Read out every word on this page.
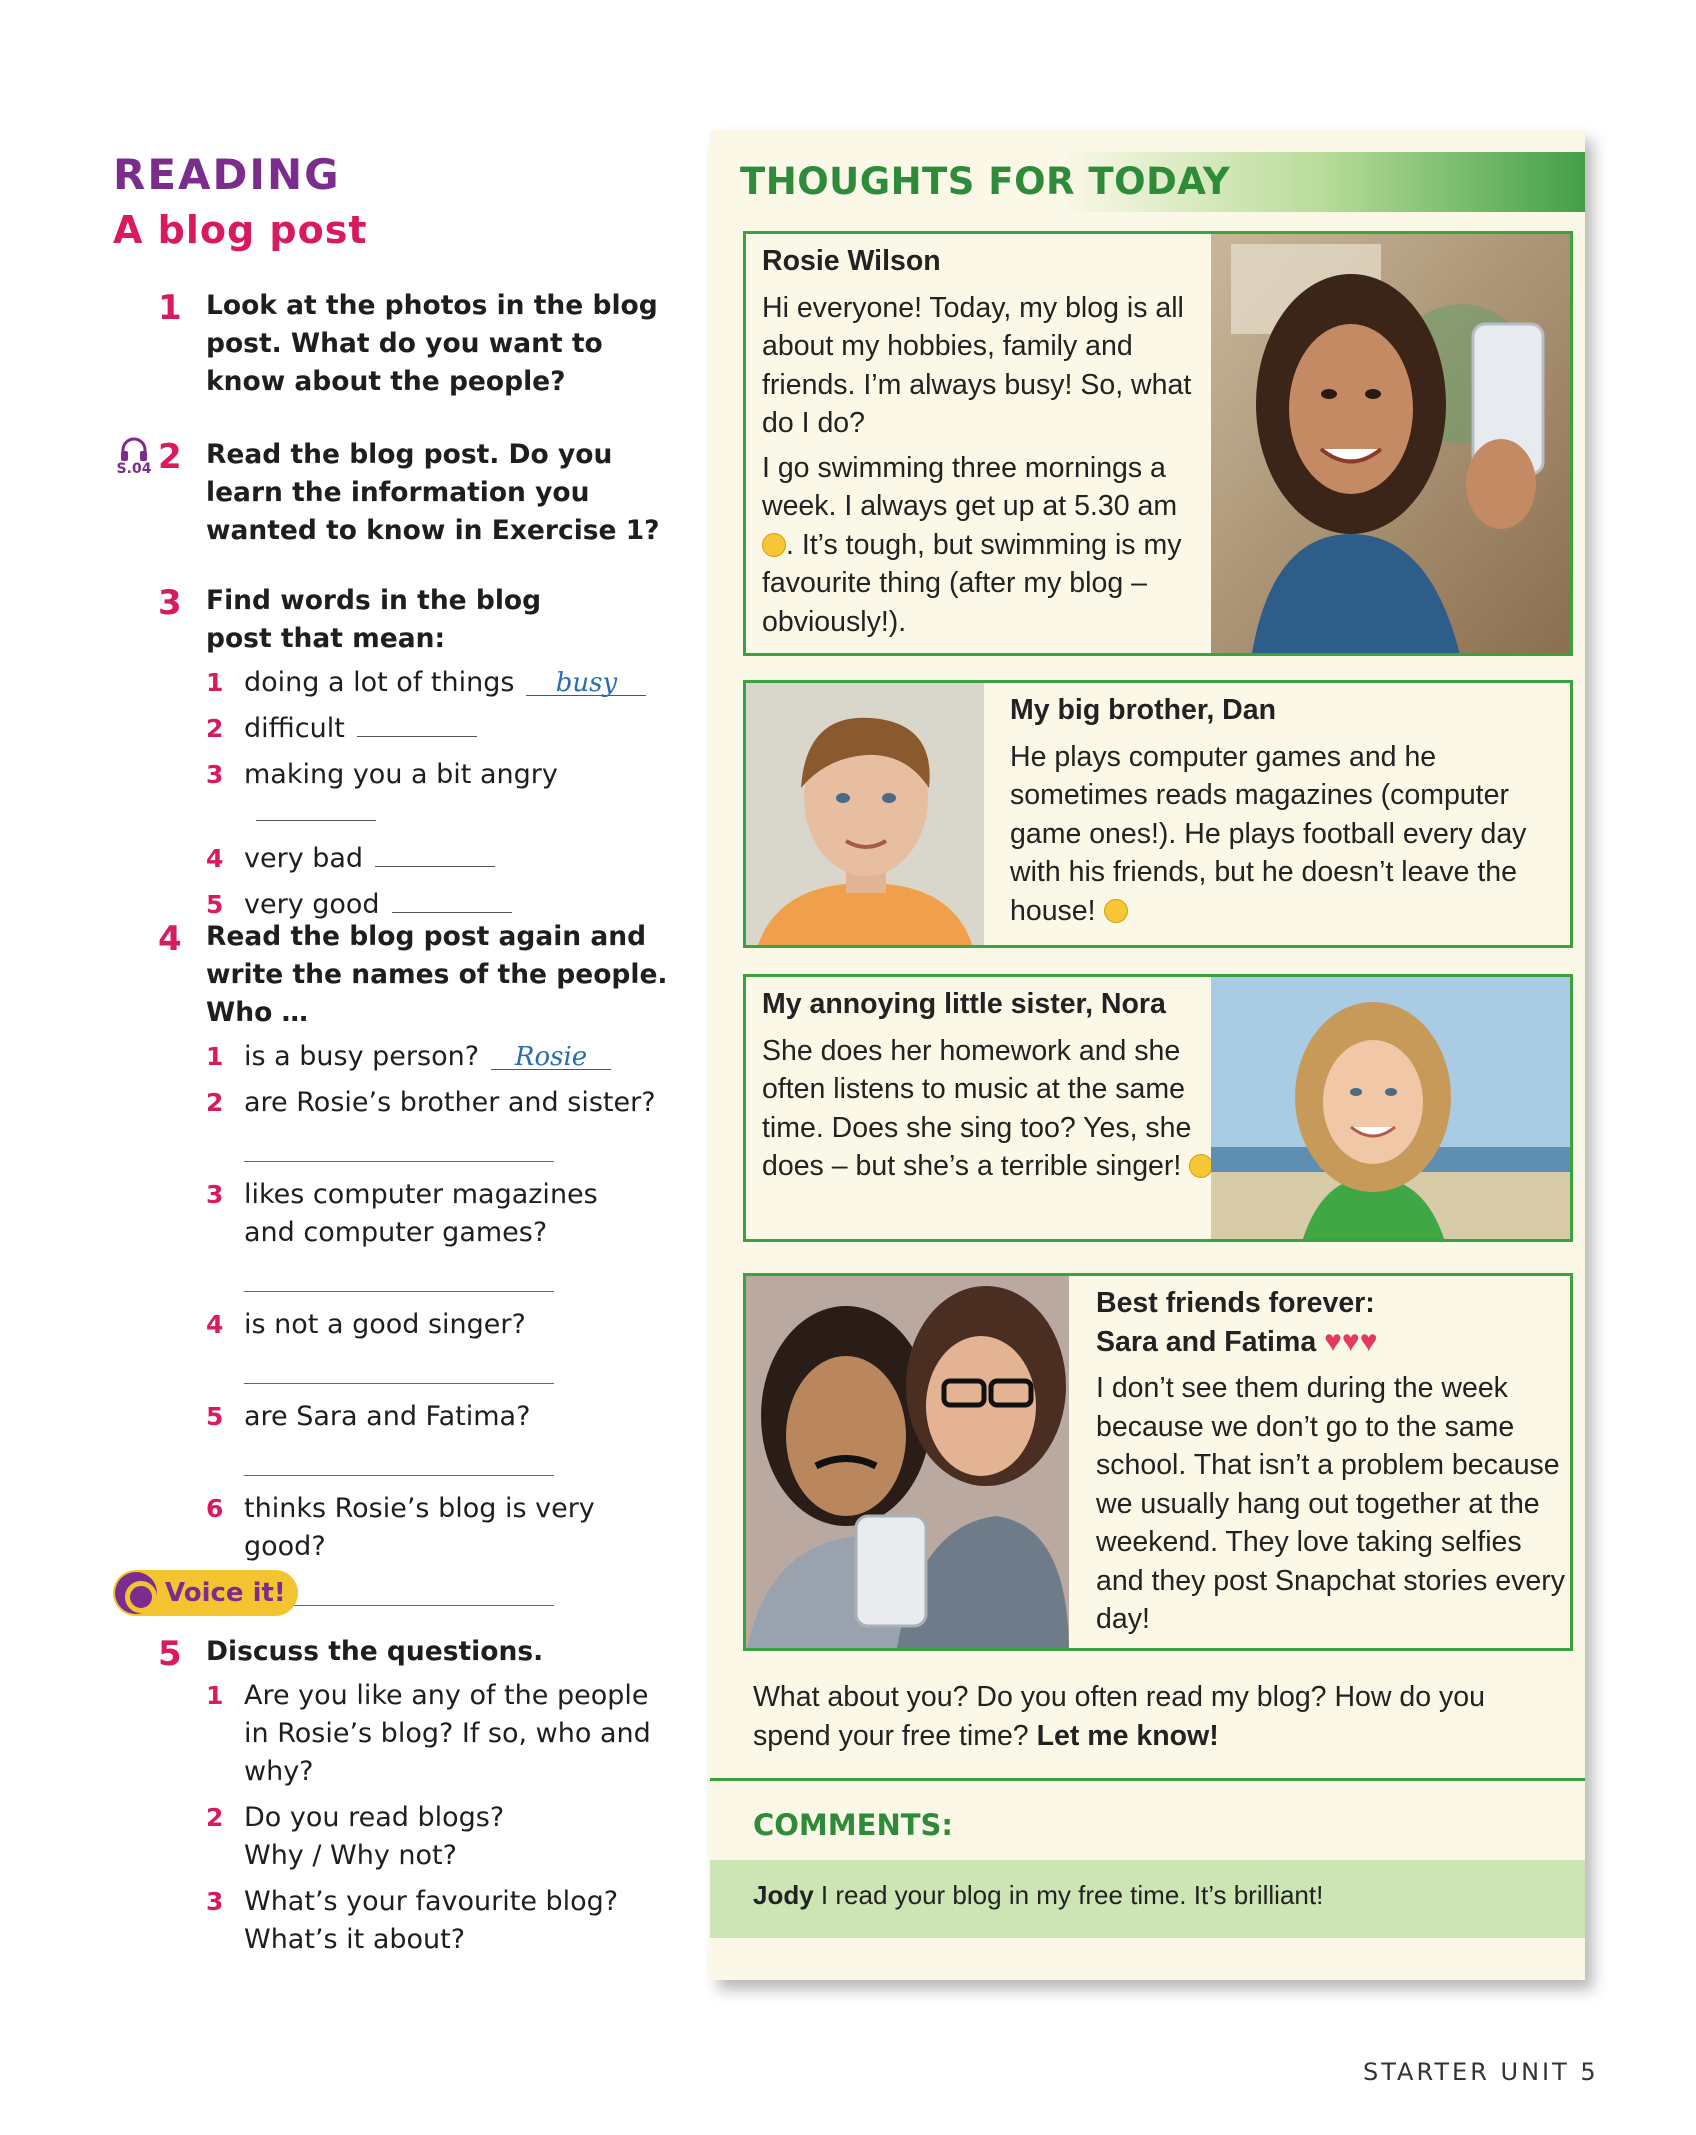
READING
A blog post
1 Look at the photos in the blog post. What do you want to know about the people?
S.04 2 Read the blog post. Do you learn the information you wanted to know in Exercise 1?
3 Find words in the blog post that mean:
1 doing a lot of things busy
2 difficult
3 making you a bit angry
4 very bad
5 very good
4 Read the blog post again and write the names of the people. Who …
1 is a busy person? Rosie
2 are Rosie’s brother and sister?
3 likes computer magazines and computer games?
4 is not a good singer?
5 are Sara and Fatima?
6 thinks Rosie’s blog is very good?
Voice it!
5 Discuss the questions.
1 Are you like any of the people in Rosie’s blog? If so, who and why?
2 Do you read blogs? Why / Why not?
3 What’s your favourite blog? What’s it about?
THOUGHTS FOR TODAY
Rosie Wilson

Hi everyone! Today, my blog is all about my hobbies, family and friends. I’m always busy! So, what do I do?

I go swimming three mornings a week. I always get up at 5.30 am . It’s tough, but swimming is my favourite thing (after my blog – obviously!).

My big brother, Dan

He plays computer games and he sometimes reads magazines (computer game ones!). He plays football every day with his friends, but he doesn’t leave the house!

My annoying little sister, Nora

She does her homework and she often listens to music at the same time. Does she sing too? Yes, she does – but she’s a terrible singer!

Best friends forever:
Sara and Fatima ♥♥♥

I don’t see them during the week because we don’t go to the same school. That isn’t a problem because we usually hang out together at the weekend. They love taking selfies and they post Snapchat stories every day!

What about you? Do you often read my blog? How do you spend your free time? Let me know!
COMMENTS:
Jody I read your blog in my free time. It’s brilliant!
STARTER UNIT 5
